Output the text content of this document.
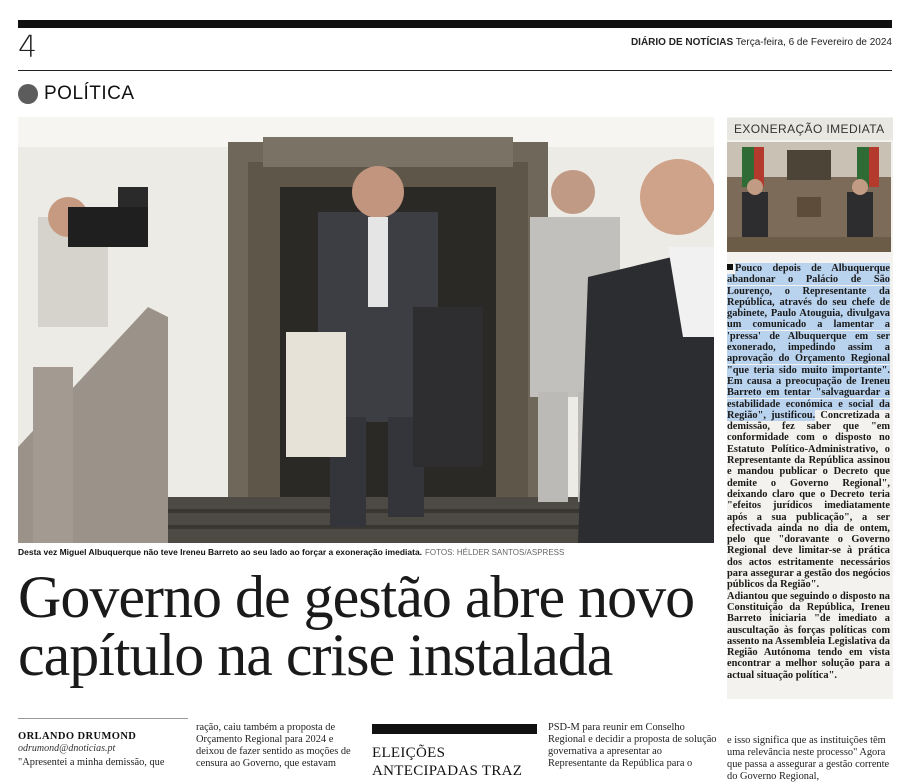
4	DIÁRIO DE NOTÍCIAS Terça-feira, 6 de Fevereiro de 2024
POLÍTICA
Desta vez Miguel Albuquerque não teve Ireneu Barreto ao seu lado ao forçar a exoneração imediata. FOTOS: HÉLDER SANTOS/ASPRESS
Governo de gestão abre novo
capítulo na crise instalada
EXONERAÇÃO IMEDIATA

Pouco depois de Albuquerque abandonar o Palácio de São Lourenço, o Representante da República, através do seu chefe de gabinete, Paulo Atouguia, divulgava um comunicado a lamentar a 'pressa' de Albuquerque em ser exonerado, impedindo assim a aprovação do Orçamento Regional "que teria sido muito importante". Em causa a preocupação de Ireneu Barreto em tentar "salvaguardar a estabilidade económica e social da Região", justificou. Concretizada a demissão, fez saber que "em conformidade com o disposto no Estatuto Político-Administrativo, o Representante da República assinou e mandou publicar o Decreto que demite o Governo Regional", deixando claro que o Decreto teria "efeitos jurídicos imediatamente após a sua publicação", a ser efectivada ainda no dia de ontem, pelo que "doravante o Governo Regional deve limitar-se à prática dos actos estritamente necessários para assegurar a gestão dos negócios públicos da Região".

Adiantou que seguindo o disposto na Constituição da República, Ireneu Barreto iniciaria "de imediato a auscultação às forças políticas com assento na Assembleia Legislativa da Região Autónoma tendo em vista encontrar a melhor solução para a actual situação política".

ORLANDO DRUMOND
odrumond@dnoticias.pt
"Apresentei a minha demissão, que
ração, caiu também a proposta de Orçamento Regional para 2024 e deixou de fazer sentido as moções de censura ao Governo, que estavam
ELEIÇÕES ANTECIPADAS TRAZ
PSD-M para reunir em Conselho Regional e decidir a proposta de solução governativa a apresentar ao Representante da República para o
e isso significa que as instituições têm uma relevância neste processo" Agora que passa a assegurar a gestão corrente do Governo Regional,
